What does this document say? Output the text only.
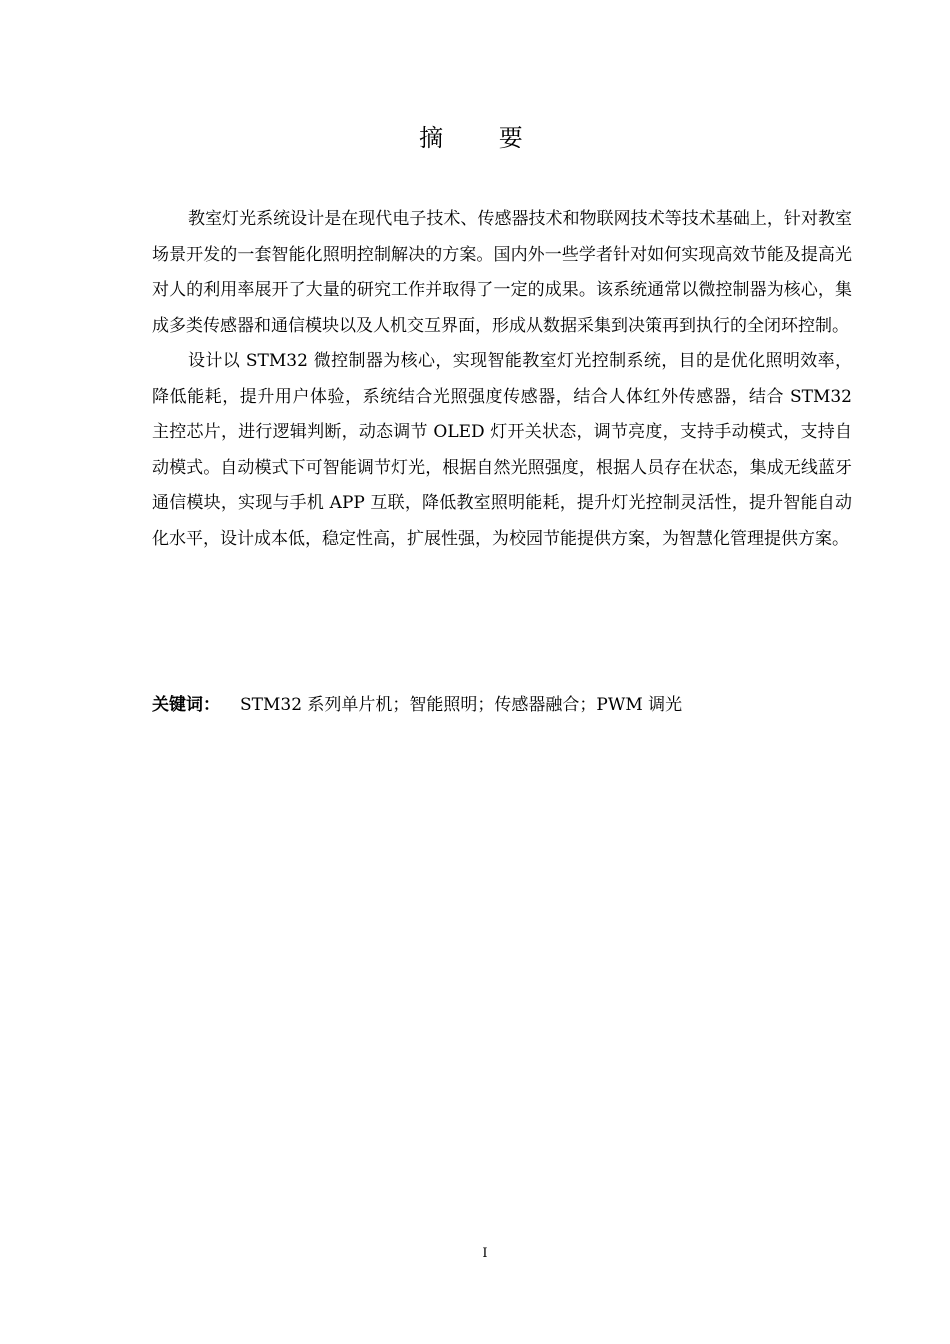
摘 要

教室灯光系统设计是在现代电子技术、传感器技术和物联网技术等技术基础上，针对教室场景开发的一套智能化照明控制解决的方案。国内外一些学者针对如何实现高效节能及提高光对人的利用率展开了大量的研究工作并取得了一定的成果。该系统通常以微控制器为核心，集成多类传感器和通信模块以及人机交互界面，形成从数据采集到决策再到执行的全闭环控制。

设计以 STM32 微控制器为核心，实现智能教室灯光控制系统，目的是优化照明效率，降低能耗，提升用户体验，系统结合光照强度传感器，结合人体红外传感器，结合 STM32 主控芯片，进行逻辑判断，动态调节 OLED 灯开关状态，调节亮度，支持手动模式，支持自动模式。自动模式下可智能调节灯光，根据自然光照强度，根据人员存在状态，集成无线蓝牙通信模块，实现与手机 APP 互联，降低教室照明能耗，提升灯光控制灵活性，提升智能自动化水平，设计成本低，稳定性高，扩展性强，为校园节能提供方案，为智慧化管理提供方案。

关键词： STM32 系列单片机；智能照明；传感器融合；PWM 调光
I
